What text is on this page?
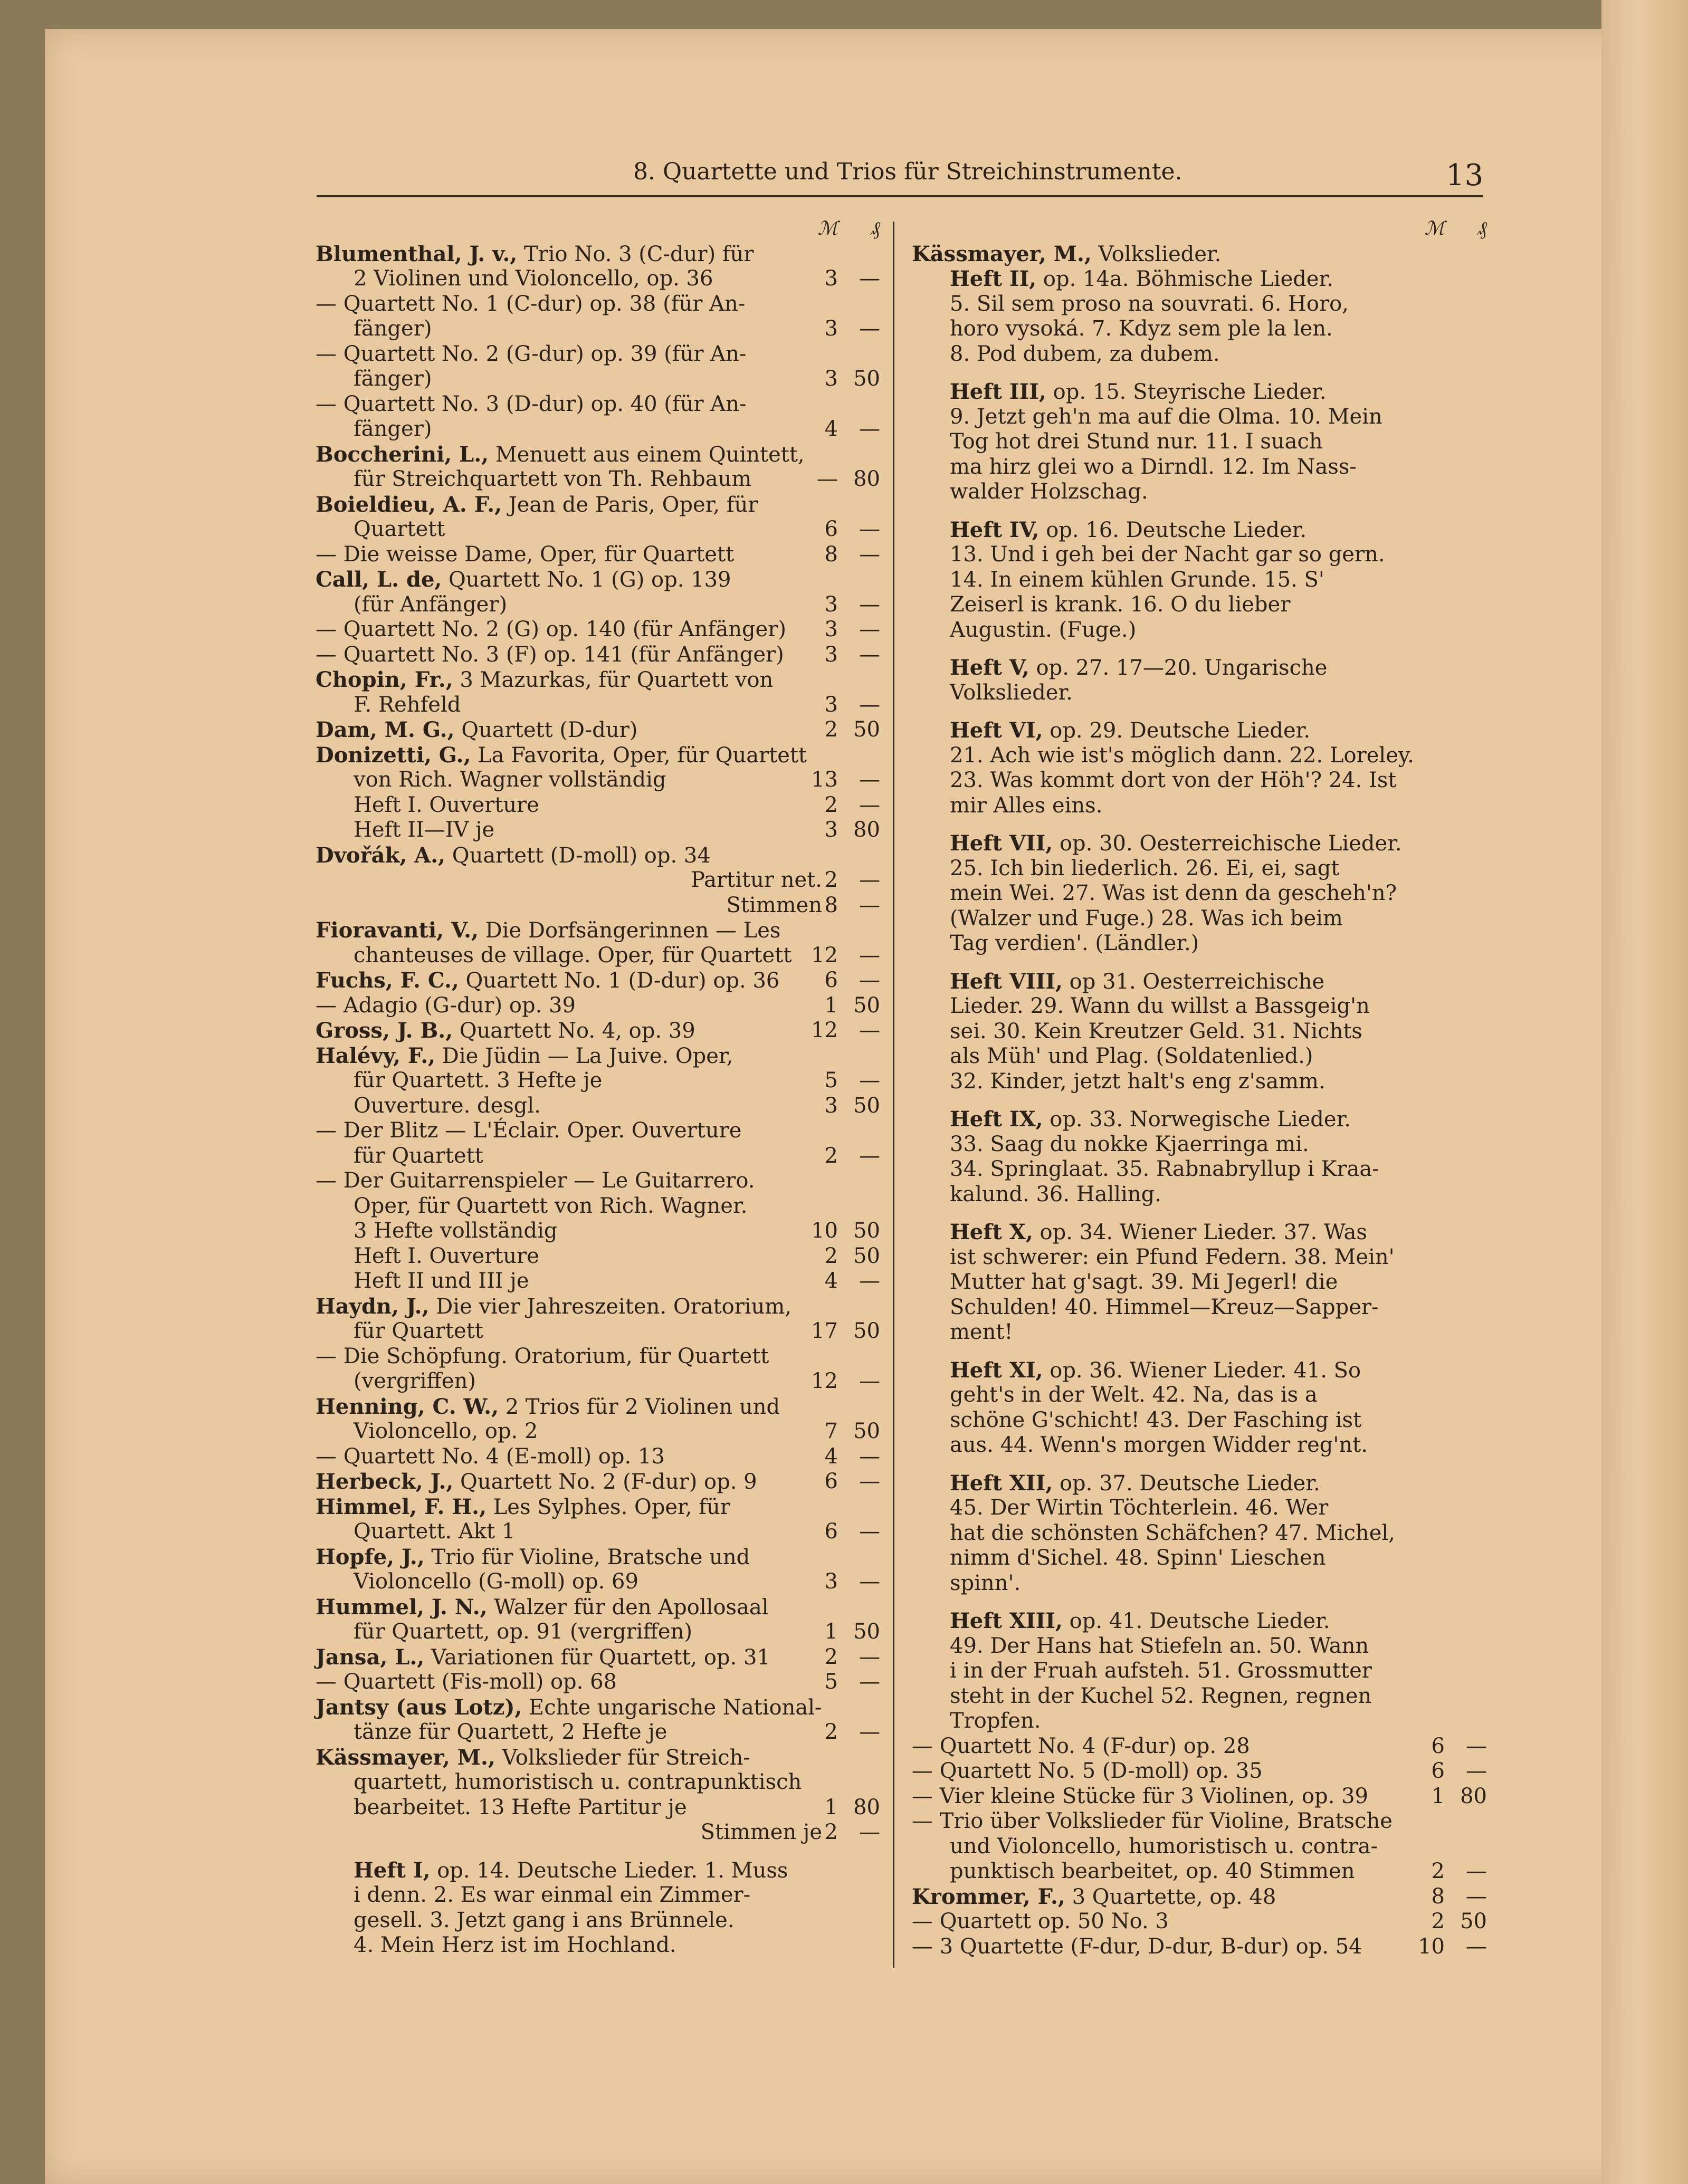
8. Quartette und Trios für Streichinstrumente.	13
ℳ	₰
Blumenthal, J. v., Trio No. 3 (C-dur) für
2 Violinen und Violoncello, op. 36	3	—
— Quartett No. 1 (C-dur) op. 38 (für An-
fänger)	3	—
— Quartett No. 2 (G-dur) op. 39 (für An-
fänger)	3 50
— Quartett No. 3 (D-dur) op. 40 (für An-
fänger)	4	—
Boccherini, L., Menuett aus einem Quintett,
für Streichquartett von Th. Rehbaum	— 80
Boieldieu, A. F., Jean de Paris, Oper, für
Quartett	6	—
— Die weisse Dame, Oper, für Quartett	8	—
Call, L. de, Quartett No. 1 (G) op. 139
(für Anfänger)	3	—
— Quartett No. 2 (G) op. 140 (für Anfänger)	3	—
— Quartett No. 3 (F) op. 141 (für Anfänger)	3	—
Chopin, Fr., 3 Mazurkas, für Quartett von
F. Rehfeld	3	—
Dam, M. G., Quartett (D-dur)	2 50
Donizetti, G., La Favorita, Oper, für Quartett
von Rich. Wagner vollständig	13	—
Heft I. Ouverture	2	—
Heft II—IV je	3 80
Dvořák, A., Quartett (D-moll) op. 34
Partitur net. 2	—
Stimmen 8	—
Fioravanti, V., Die Dorfsängerinnen — Les
chanteuses de village. Oper, für Quartett 12	—
Fuchs, F. C., Quartett No. 1 (D-dur) op. 36	6	—
— Adagio (G-dur) op. 39	1 50
Gross, J. B., Quartett No. 4, op. 39	12	—
Halévy, F., Die Jüdin — La Juive. Oper,
für Quartett. 3 Hefte je	5	—
Ouverture. desgl.	3 50
— Der Blitz — L'Éclair. Oper. Ouverture
für Quartett	2	—
— Der Guitarrenspieler — Le Guitarrero.
Oper, für Quartett von Rich. Wagner.
3 Hefte vollständig	10 50
Heft I. Ouverture	2 50
Heft II und III je	4	—
Haydn, J., Die vier Jahreszeiten. Oratorium,
für Quartett	17 50
— Die Schöpfung. Oratorium, für Quartett
(vergriffen)	12	—
Henning, C. W., 2 Trios für 2 Violinen und
Violoncello, op. 2	7 50
— Quartett No. 4 (E-moll) op. 13	4	—
Herbeck, J., Quartett No. 2 (F-dur) op. 9	6	—
Himmel, F. H., Les Sylphes. Oper, für
Quartett. Akt 1	6	—
Hopfe, J., Trio für Violine, Bratsche und
Violoncello (G-moll) op. 69	3	—
Hummel, J. N., Walzer für den Apollosaal
für Quartett, op. 91 (vergriffen)	1 50
Jansa, L., Variationen für Quartett, op. 31	2	—
— Quartett (Fis-moll) op. 68	5	—
Jantsy (aus Lotz), Echte ungarische National-
tänze für Quartett, 2 Hefte je	2	—
Kässmayer, M., Volkslieder für Streich-
quartett, humoristisch u. contrapunktisch
bearbeitet. 13 Hefte Partitur je	1 80
Stimmen je 2	—
Heft I, op. 14. Deutsche Lieder. 1. Muss
i denn. 2. Es war einmal ein Zimmer-
gesell. 3. Jetzt gang i ans Brünnele.
4. Mein Herz ist im Hochland.
ℳ	₰
Kässmayer, M., Volkslieder.
Heft II, op. 14a. Böhmische Lieder.
5. Sil sem proso na souvrati. 6. Horo,
horo vysoká. 7. Kdyz sem ple la len.
8. Pod dubem, za dubem.
Heft III, op. 15. Steyrische Lieder.
9. Jetzt geh'n ma auf die Olma. 10. Mein
Tog hot drei Stund nur. 11. I suach
ma hirz glei wo a Dirndl. 12. Im Nass-
walder Holzschag.
Heft IV, op. 16. Deutsche Lieder.
13. Und i geh bei der Nacht gar so gern.
14. In einem kühlen Grunde. 15. S'
Zeiserl is krank. 16. O du lieber
Augustin. (Fuge.)
Heft V, op. 27. 17—20. Ungarische
Volkslieder.
Heft VI, op. 29. Deutsche Lieder.
21. Ach wie ist's möglich dann. 22. Loreley.
23. Was kommt dort von der Höh'? 24. Ist
mir Alles eins.
Heft VII, op. 30. Oesterreichische Lieder.
25. Ich bin liederlich. 26. Ei, ei, sagt
mein Wei. 27. Was ist denn da gescheh'n?
(Walzer und Fuge.) 28. Was ich beim
Tag verdien'. (Ländler.)
Heft VIII, op 31. Oesterreichische
Lieder. 29. Wann du willst a Bassgeig'n
sei. 30. Kein Kreutzer Geld. 31. Nichts
als Müh' und Plag. (Soldatenlied.)
32. Kinder, jetzt halt's eng z'samm.
Heft IX, op. 33. Norwegische Lieder.
33. Saag du nokke Kjaerringa mi.
34. Springlaat. 35. Rabnabryllup i Kraa-
kalund. 36. Halling.
Heft X, op. 34. Wiener Lieder. 37. Was
ist schwerer: ein Pfund Federn. 38. Mein'
Mutter hat g'sagt. 39. Mi Jegerl! die
Schulden! 40. Himmel—Kreuz—Sapper-
ment!
Heft XI, op. 36. Wiener Lieder. 41. So
geht's in der Welt. 42. Na, das is a
schöne G'schicht! 43. Der Fasching ist
aus. 44. Wenn's morgen Widder reg'nt.
Heft XII, op. 37. Deutsche Lieder.
45. Der Wirtin Töchterlein. 46. Wer
hat die schönsten Schäfchen? 47. Michel,
nimm d'Sichel. 48. Spinn' Lieschen
spinn'.
Heft XIII, op. 41. Deutsche Lieder.
49. Der Hans hat Stiefeln an. 50. Wann
i in der Fruah aufsteh. 51. Grossmutter
steht in der Kuchel 52. Regnen, regnen
Tropfen.
— Quartett No. 4 (F-dur) op. 28	6	—
— Quartett No. 5 (D-moll) op. 35	6	—
— Vier kleine Stücke für 3 Violinen, op. 39	1 80
— Trio über Volkslieder für Violine, Bratsche
und Violoncello, humoristisch u. contra-
punktisch bearbeitet, op. 40 Stimmen	2	—
Krommer, F., 3 Quartette, op. 48	8	—
— Quartett op. 50 No. 3	2 50
— 3 Quartette (F-dur, D-dur, B-dur) op. 54	10	—
